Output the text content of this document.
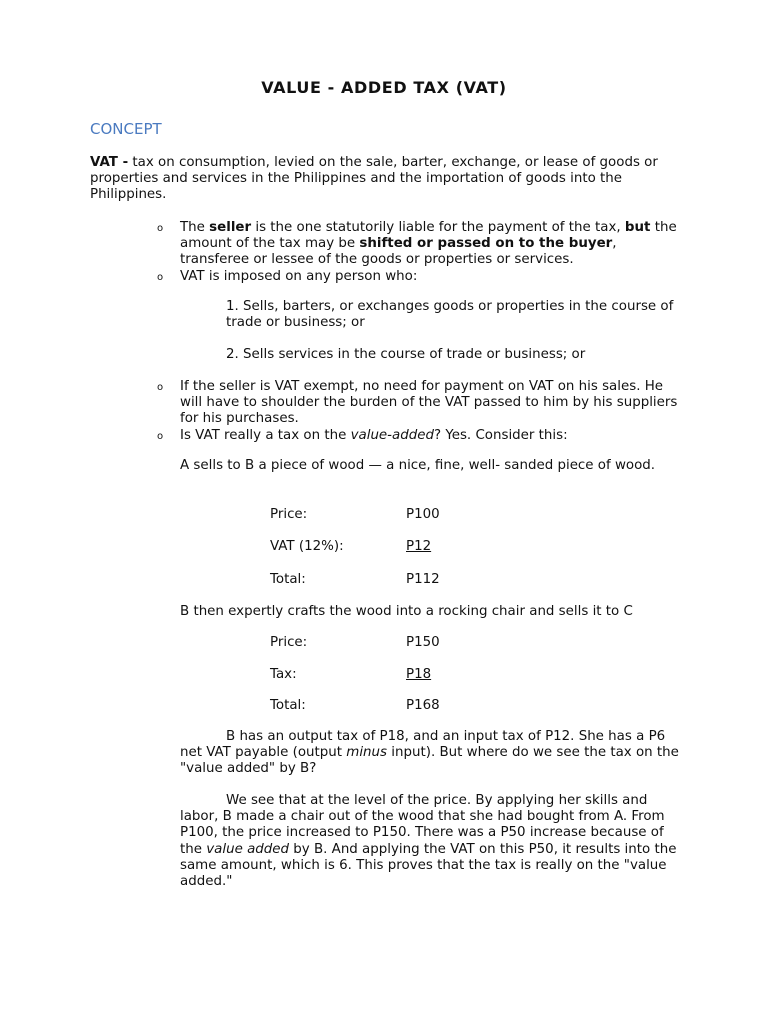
VALUE - ADDED TAX (VAT)
CONCEPT

VAT - tax on consumption, levied on the sale, barter, exchange, or lease of goods or properties and services in the Philippines and the importation of goods into the Philippines.

o The seller is the one statutorily liable for the payment of the tax, but the amount of the tax may be shifted or passed on to the buyer, transferee or lessee of the goods or properties or services.

o VAT is imposed on any person who:

1. Sells, barters, or exchanges goods or properties in the course of trade or business; or

2. Sells services in the course of trade or business; or

o If the seller is VAT exempt, no need for payment on VAT on his sales. He will have to shoulder the burden of the VAT passed to him by his suppliers for his purchases.

o Is VAT really a tax on the value-added? Yes. Consider this:

A sells to B a piece of wood — a nice, fine, well- sanded piece of wood.

Price:	P100
VAT (12%):	P12
Total:	P112

B then expertly crafts the wood into a rocking chair and sells it to C

Price:	P150
Tax:	P18
Total:	P168

B has an output tax of P18, and an input tax of P12. She has a P6 net VAT payable (output minus input). But where do we see the tax on the "value added" by B?

We see that at the level of the price. By applying her skills and labor, B made a chair out of the wood that she had bought from A. From P100, the price increased to P150. There was a P50 increase because of the value added by B. And applying the VAT on this P50, it results into the same amount, which is 6. This proves that the tax is really on the "value added."
